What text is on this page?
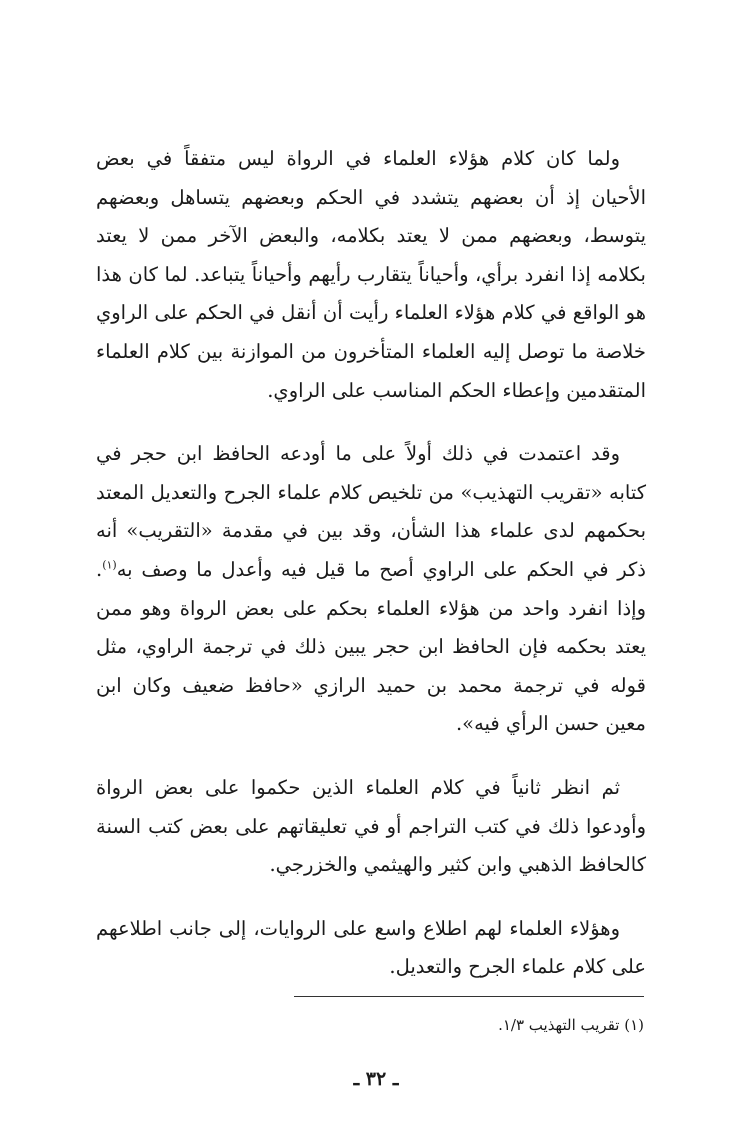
ولما كان كلام هؤلاء العلماء في الرواة ليس متفقاً في بعض الأحيان إذ أن بعضهم يتشدد في الحكم وبعضهم يتساهل وبعضهم يتوسط، وبعضهم ممن لا يعتد بكلامه، والبعض الآخر ممن لا يعتد بكلامه إذا انفرد برأي، وأحياناً يتقارب رأيهم وأحياناً يتباعد. لما كان هذا هو الواقع في كلام هؤلاء العلماء رأيت أن أنقل في الحكم على الراوي خلاصة ما توصل إليه العلماء المتأخرون من الموازنة بين كلام العلماء المتقدمين وإعطاء الحكم المناسب على الراوي.

وقد اعتمدت في ذلك أولاً على ما أودعه الحافظ ابن حجر في كتابه «تقريب التهذيب» من تلخيص كلام علماء الجرح والتعديل المعتد بحكمهم لدى علماء هذا الشأن، وقد بين في مقدمة «التقريب» أنه ذكر في الحكم على الراوي أصح ما قيل فيه وأعدل ما وصف به$^{(١)}$. وإذا انفرد واحد من هؤلاء العلماء بحكم على بعض الرواة وهو ممن يعتد بحكمه فإن الحافظ ابن حجر يبين ذلك في ترجمة الراوي، مثل قوله في ترجمة محمد بن حميد الرازي «حافظ ضعيف وكان ابن معين حسن الرأي فيه».

ثم انظر ثانياً في كلام العلماء الذين حكموا على بعض الرواة وأودعوا ذلك في كتب التراجم أو في تعليقاتهم على بعض كتب السنة كالحافظ الذهبي وابن كثير والهيثمي والخزرجي.

وهؤلاء العلماء لهم اطلاع واسع على الروايات، إلى جانب اطلاعهم على كلام علماء الجرح والتعديل.

(١) تقريب التهذيب ١/٣.
ـ ٣٢ ـ
